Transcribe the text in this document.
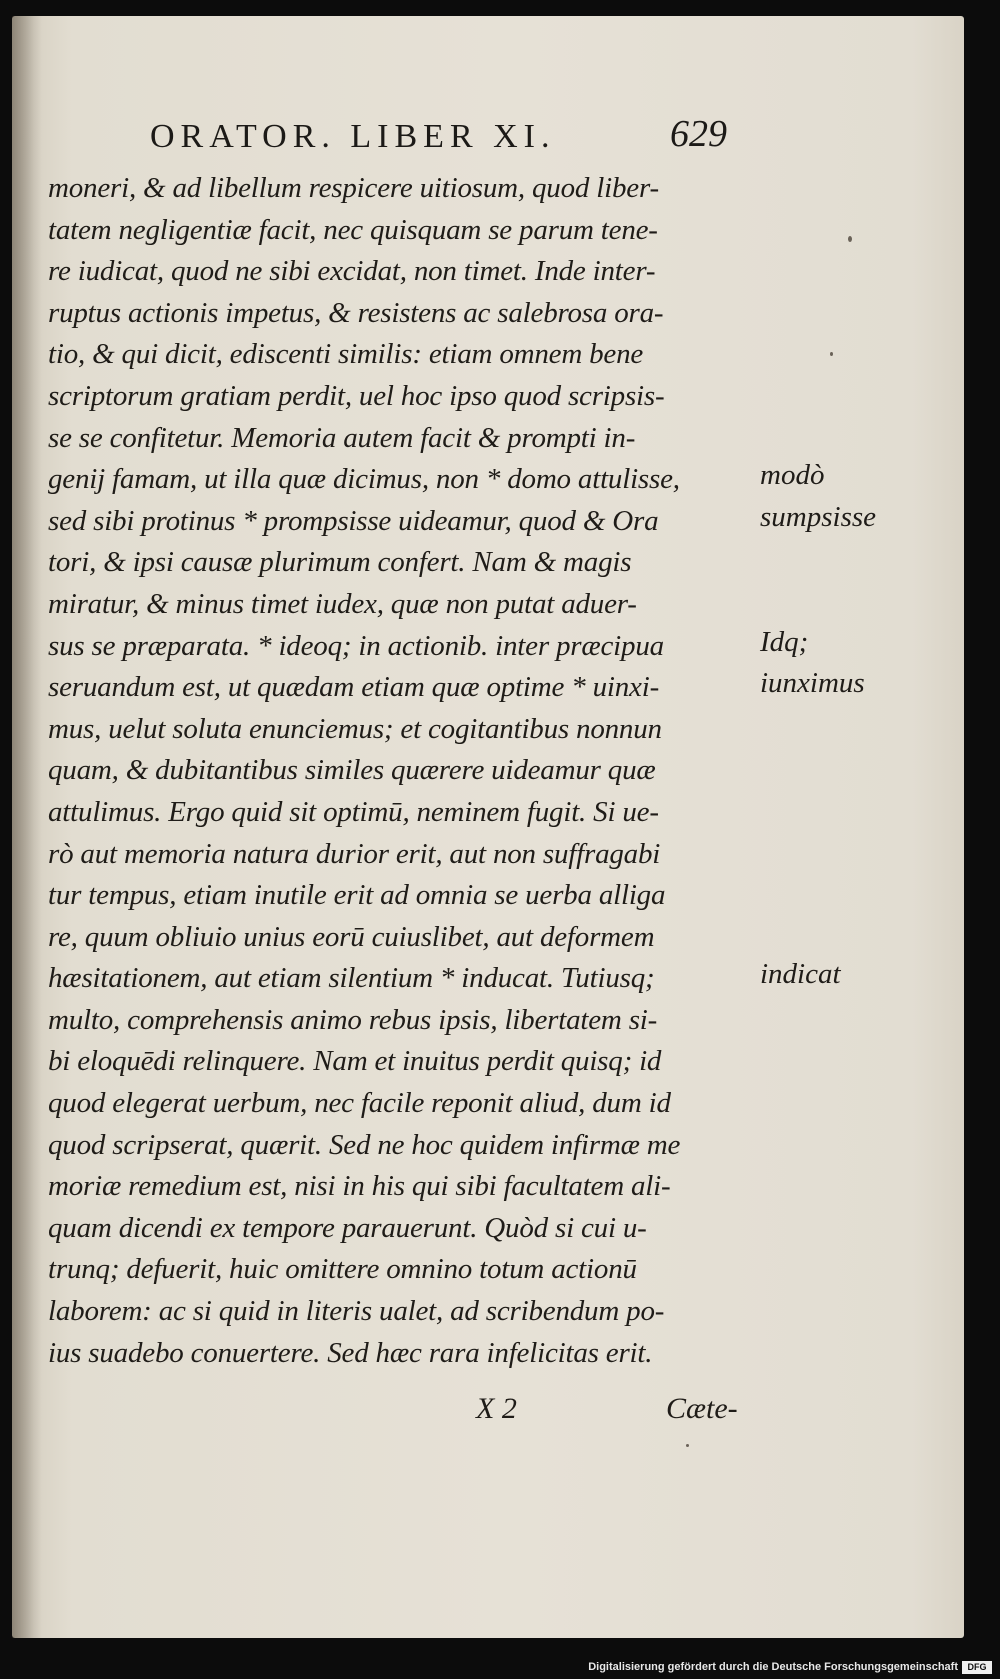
ORATOR. LIBER XI.	629
moneri, & ad libellum respicere uitiosum, quod liber-
tatem negligentiæ facit, nec quisquam se parum tene-
re iudicat, quod ne sibi excidat, non timet. Inde inter-
ruptus actionis impetus, & resistens ac salebrosa ora-
tio, & qui dicit, ediscenti similis: etiam omnem bene
scriptorum gratiam perdit, uel hoc ipso quod scripsis-
se se confitetur. Memoria autem facit & prompti in-
genij famam, ut illa quæ dicimus, non * domo attulisse,
sed sibi protinus * prompsisse uideamur, quod & Ora
tori, & ipsi causæ plurimum confert. Nam & magis
miratur, & minus timet iudex, quæ non putat aduer-
sus se præparata. * ideoq; in actionib. inter præcipua
seruandum est, ut quædam etiam quæ optime * uinxi-
mus, uelut soluta enunciemus; et cogitantibus nonnun
quam, & dubitantibus similes quærere uideamur quæ
attulimus. Ergo quid sit optimū, neminem fugit. Si ue-
rò aut memoria natura durior erit, aut non suffragabi
tur tempus, etiam inutile erit ad omnia se uerba alliga
re, quum obliuio unius eorū cuiuslibet, aut deformem
hæsitationem, aut etiam silentium * inducat. Tutiusq;
multo, comprehensis animo rebus ipsis, libertatem si-
bi eloquēdi relinquere. Nam et inuitus perdit quisq; id
quod elegerat uerbum, nec facile reponit aliud, dum id
quod scripserat, quærit. Sed ne hoc quidem infirmæ me
moriæ remedium est, nisi in his qui sibi facultatem ali-
quam dicendi ex tempore parauerunt. Quòd si cui u-
trunq; defuerit, huic omittere omnino totum actionū
laborem: ac si quid in literis ualet, ad scribendum po-
ius suadebo conuertere. Sed hæc rara infelicitas erit.
modò
sumpsisse
Idq;
iunximus
indicat
X 2	Cæte-
Digitalisierung gefördert durch die Deutsche Forschungsgemeinschaft	DFG
